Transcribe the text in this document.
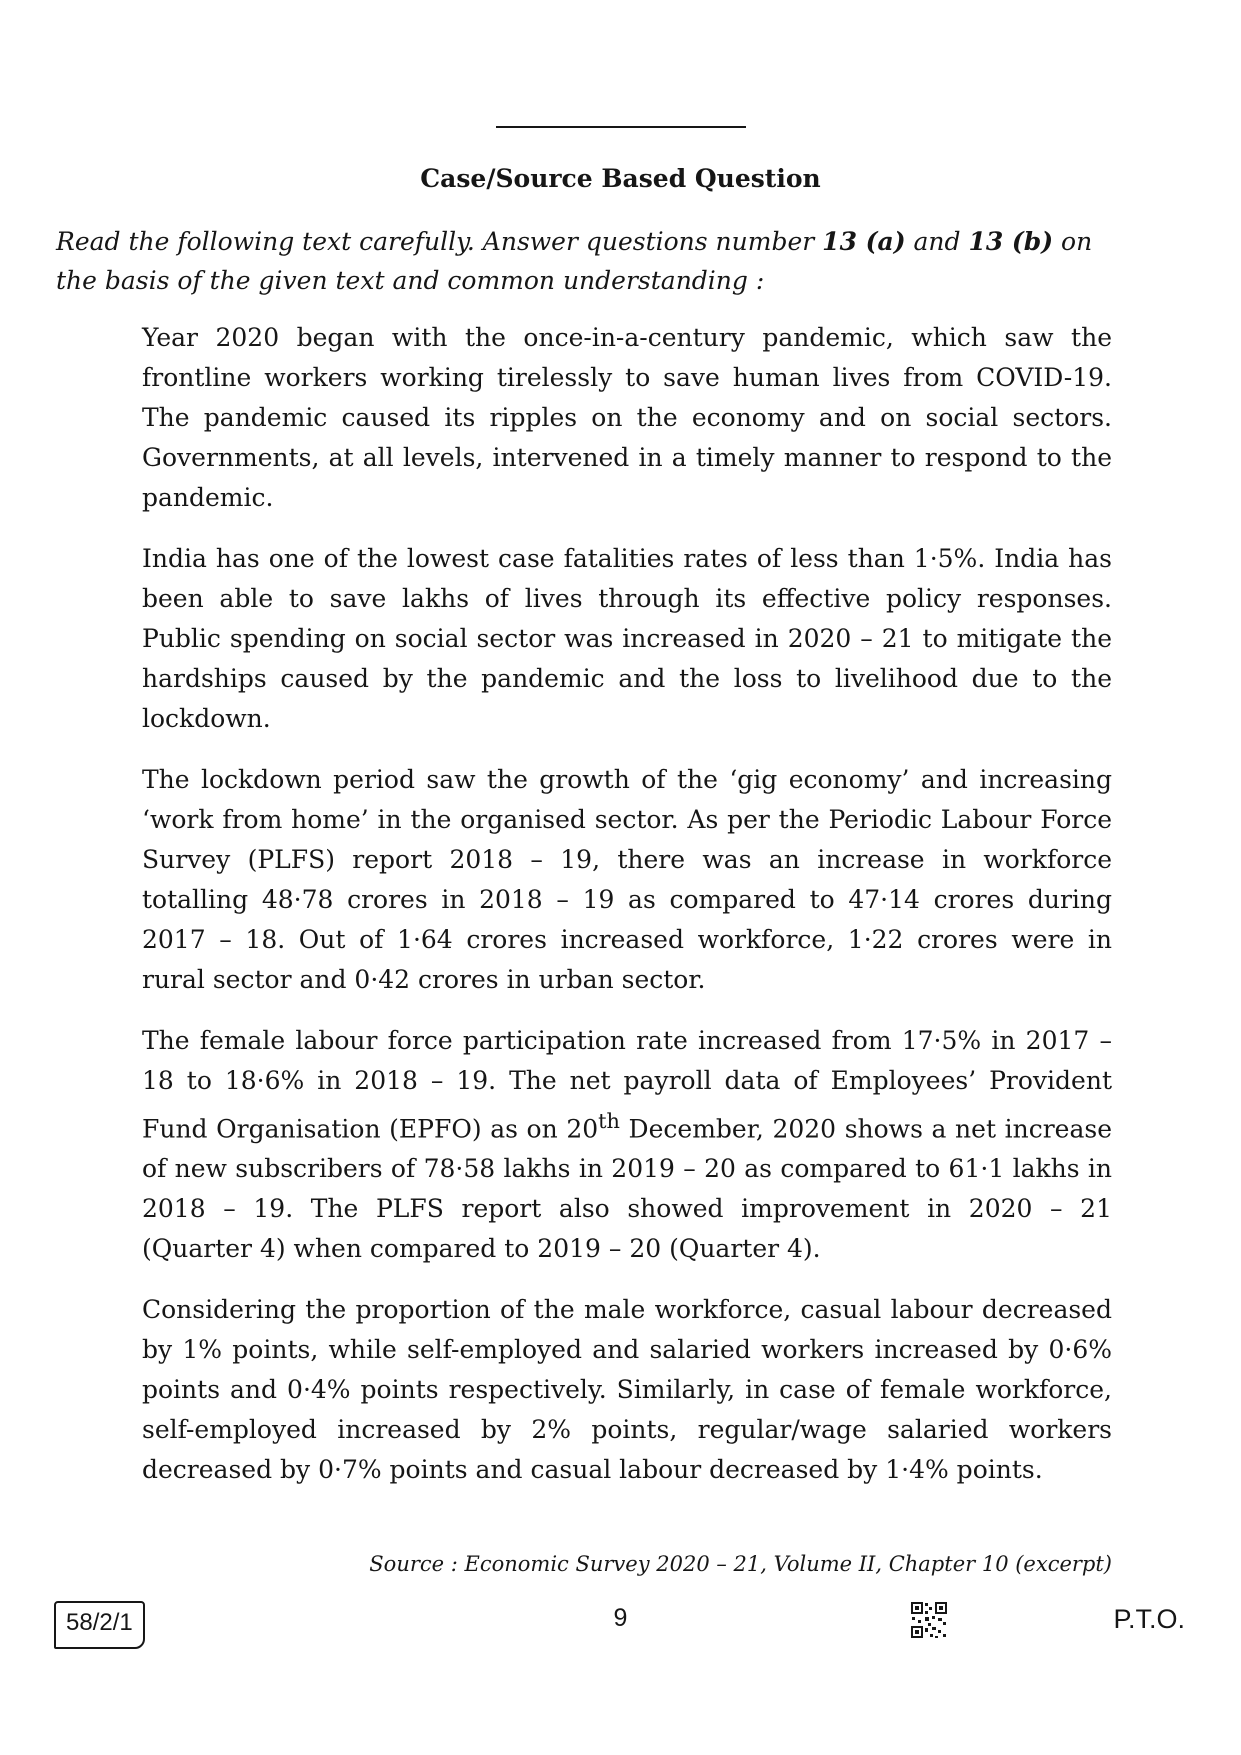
Case/Source Based Question
Read the following text carefully. Answer questions number 13 (a) and 13 (b) on the basis of the given text and common understanding :

Year 2020 began with the once-in-a-century pandemic, which saw the frontline workers working tirelessly to save human lives from COVID-19. The pandemic caused its ripples on the economy and on social sectors. Governments, at all levels, intervened in a timely manner to respond to the pandemic.

India has one of the lowest case fatalities rates of less than 1·5%. India has been able to save lakhs of lives through its effective policy responses. Public spending on social sector was increased in 2020 – 21 to mitigate the hardships caused by the pandemic and the loss to livelihood due to the lockdown.

The lockdown period saw the growth of the ‘gig economy’ and increasing ‘work from home’ in the organised sector. As per the Periodic Labour Force Survey (PLFS) report 2018 – 19, there was an increase in workforce totalling 48·78 crores in 2018 – 19 as compared to 47·14 crores during 2017 – 18. Out of 1·64 crores increased workforce, 1·22 crores were in rural sector and 0·42 crores in urban sector.

The female labour force participation rate increased from 17·5% in 2017 – 18 to 18·6% in 2018 – 19. The net payroll data of Employees’ Provident Fund Organisation (EPFO) as on 20th December, 2020 shows a net increase of new subscribers of 78·58 lakhs in 2019 – 20 as compared to 61·1 lakhs in 2018 – 19. The PLFS report also showed improvement in 2020 – 21 (Quarter 4) when compared to 2019 – 20 (Quarter 4).

Considering the proportion of the male workforce, casual labour decreased by 1% points, while self-employed and salaried workers increased by 0·6% points and 0·4% points respectively. Similarly, in case of female workforce, self-employed increased by 2% points, regular/wage salaried workers decreased by 0·7% points and casual labour decreased by 1·4% points.

Source : Economic Survey 2020 – 21, Volume II, Chapter 10 (excerpt)
58/2/1	9	P.T.O.
